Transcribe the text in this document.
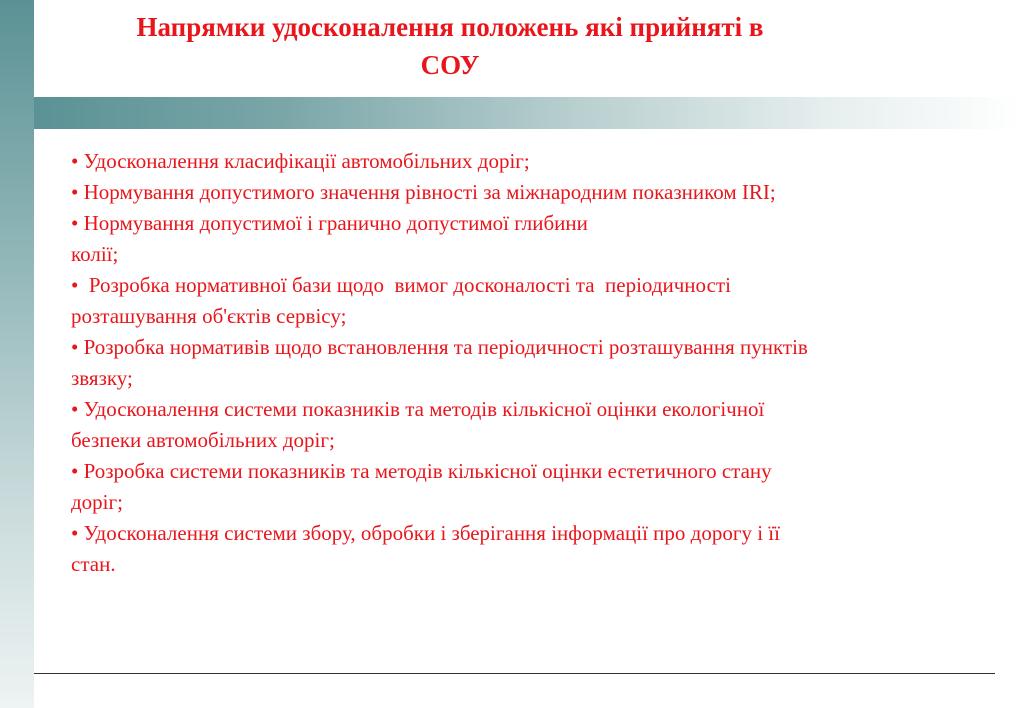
Напрямки удосконалення положень які прийняті в
СОУ

• Удосконалення класифікації автомобільних доріг;

• Нормування допустимого значення рівності за міжнародним показником IRI;

• Нормування допустимої і гранично допустимої глибини

колії;

•  Розробка нормативної бази щодо  вимог досконалості та  періодичності

розташування об'єктів сервісу;

• Розробка нормативів щодо встановлення та періодичності розташування пунктів

звязку;

• Удосконалення системи показників та методів кількісної оцінки екологічної

безпеки автомобільних доріг;

• Розробка системи показників та методів кількісної оцінки естетичного стану

доріг;

• Удосконалення системи збору, обробки і зберігання інформації про дорогу і її

стан.
